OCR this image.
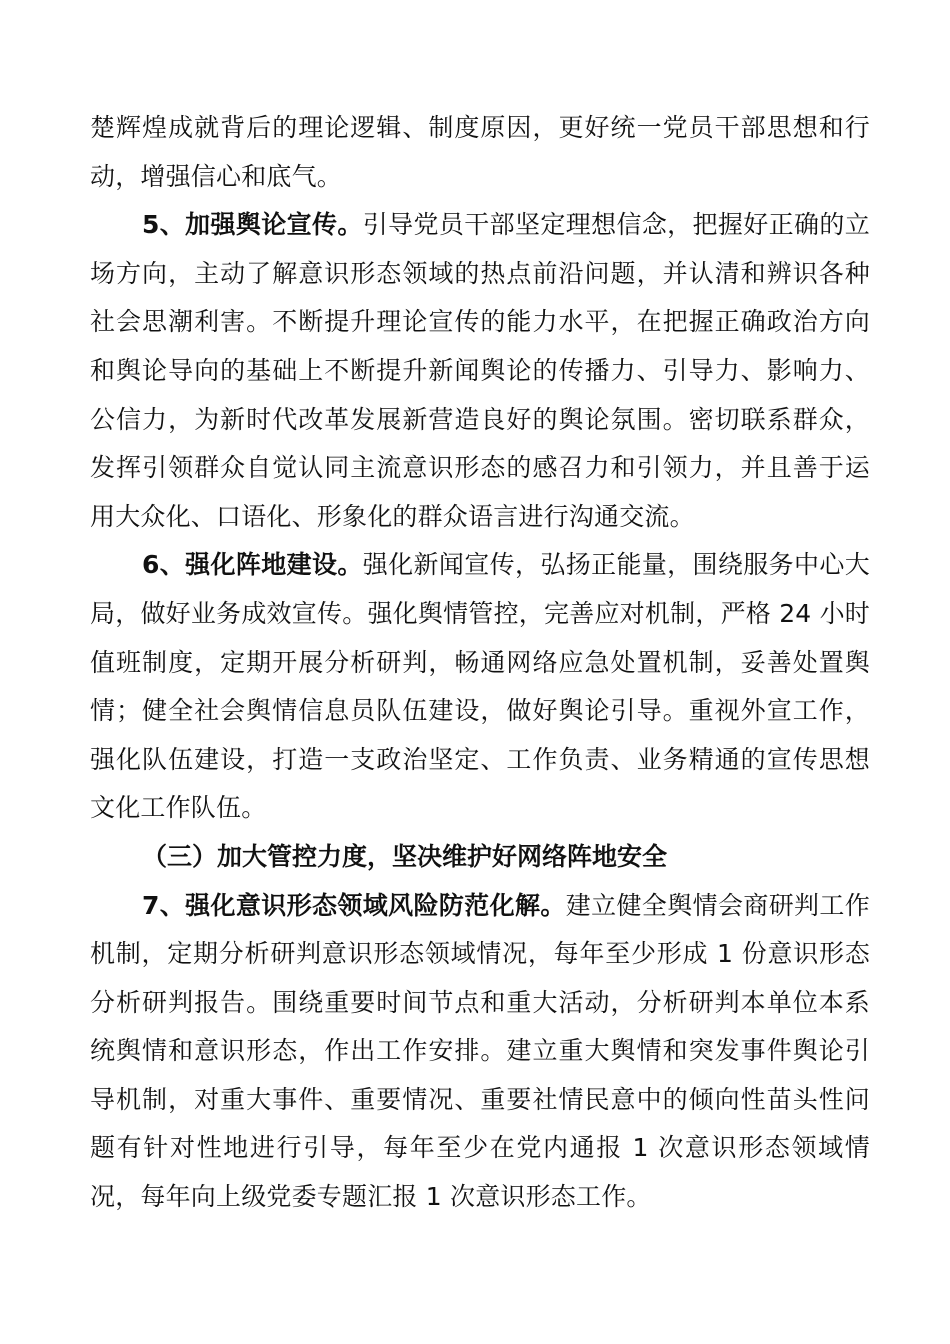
楚辉煌成就背后的理论逻辑、制度原因，更好统一党员干部思想和行动，增强信心和底气。

5、加强舆论宣传。引导党员干部坚定理想信念，把握好正确的立场方向，主动了解意识形态领域的热点前沿问题，并认清和辨识各种社会思潮利害。不断提升理论宣传的能力水平，在把握正确政治方向和舆论导向的基础上不断提升新闻舆论的传播力、引导力、影响力、公信力，为新时代改革发展新营造良好的舆论氛围。密切联系群众，发挥引领群众自觉认同主流意识形态的感召力和引领力，并且善于运用大众化、口语化、形象化的群众语言进行沟通交流。

6、强化阵地建设。强化新闻宣传，弘扬正能量，围绕服务中心大局，做好业务成效宣传。强化舆情管控，完善应对机制，严格 24 小时值班制度，定期开展分析研判，畅通网络应急处置机制，妥善处置舆情；健全社会舆情信息员队伍建设，做好舆论引导。重视外宣工作，强化队伍建设，打造一支政治坚定、工作负责、业务精通的宣传思想文化工作队伍。

（三）加大管控力度，坚决维护好网络阵地安全

7、强化意识形态领域风险防范化解。建立健全舆情会商研判工作机制，定期分析研判意识形态领域情况，每年至少形成 1 份意识形态分析研判报告。围绕重要时间节点和重大活动，分析研判本单位本系统舆情和意识形态，作出工作安排。建立重大舆情和突发事件舆论引导机制，对重大事件、重要情况、重要社情民意中的倾向性苗头性问题有针对性地进行引导，每年至少在党内通报 1 次意识形态领域情况，每年向上级党委专题汇报 1 次意识形态工作。
